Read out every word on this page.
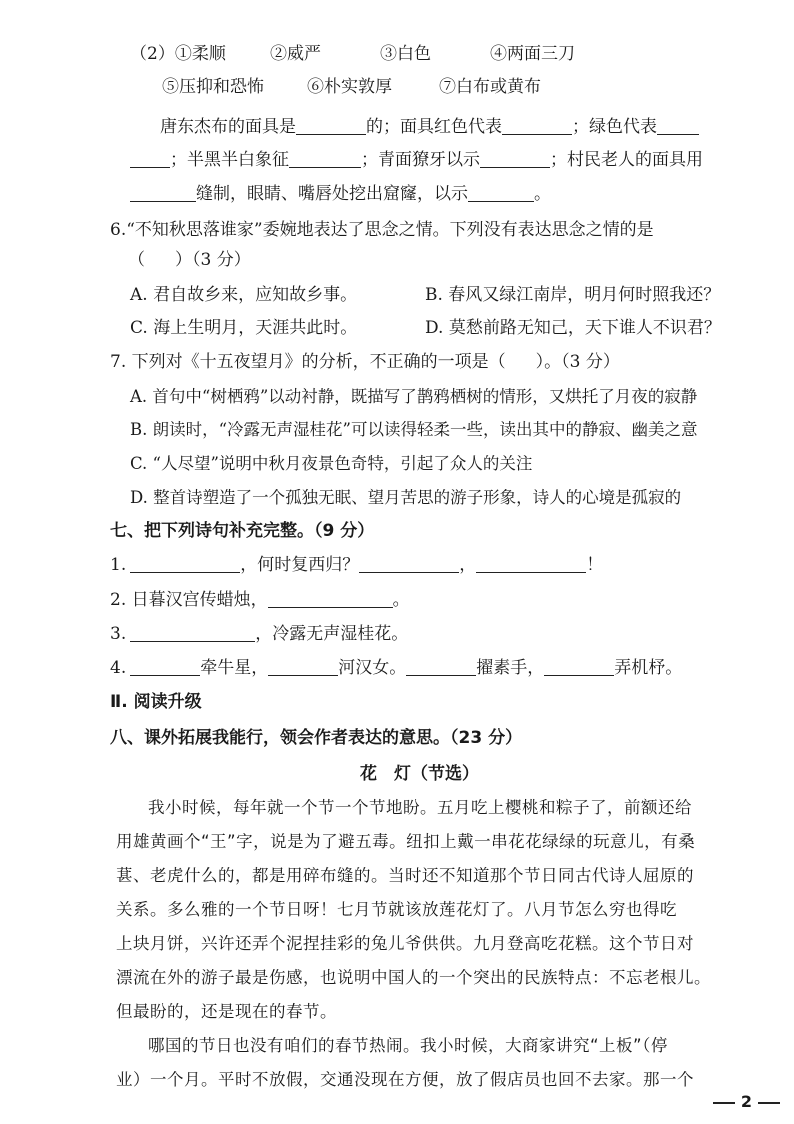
（2）①柔顺	②威严	③白色	④两面三刀
⑤压抑和恐怖	⑥朴实敦厚	⑦白布或黄布
唐东杰布的面具是	的；面具红色代表	；绿色代表
；半黑半白象征	；青面獠牙以示	；村民老人的面具用
缝制，眼睛、嘴唇处挖出窟窿，以示	。
6.“不知秋思落谁家”委婉地表达了思念之情。下列没有表达思念之情的是
（ ）（3 分）
A. 君自故乡来，应知故乡事。	B. 春风又绿江南岸，明月何时照我还？
C. 海上生明月，天涯共此时。	D. 莫愁前路无知己，天下谁人不识君？
7. 下列对《十五夜望月》的分析，不正确的一项是（ ）。（3 分）
A. 首句中“树栖鸦”以动衬静，既描写了鹊鸦栖树的情形，又烘托了月夜的寂静
B. 朗读时，“冷露无声湿桂花”可以读得轻柔一些，读出其中的静寂、幽美之意
C. “人尽望”说明中秋月夜景色奇特，引起了众人的关注
D. 整首诗塑造了一个孤独无眠、望月苦思的游子形象，诗人的心境是孤寂的
七、把下列诗句补充完整。（9 分）
1.	，何时复西归？	，	！
2. 日暮汉宫传蜡烛，	。
3.	，冷露无声湿桂花。
4.	牵牛星，	河汉女。	擢素手，	弄机杼。
Ⅱ. 阅读升级
八、课外拓展我能行，领会作者表达的意思。（23 分）
花　灯（节选）
我小时候，每年就一个节一个节地盼。五月吃上樱桃和粽子了，前额还给
用雄黄画个“王”字，说是为了避五毒。纽扣上戴一串花花绿绿的玩意儿，有桑
葚、老虎什么的，都是用碎布缝的。当时还不知道那个节日同古代诗人屈原的
关系。多么雅的一个节日呀！七月节就该放莲花灯了。八月节怎么穷也得吃
上块月饼，兴许还弄个泥捏挂彩的兔儿爷供供。九月登高吃花糕。这个节日对
漂流在外的游子最是伤感，也说明中国人的一个突出的民族特点：不忘老根儿。
但最盼的，还是现在的春节。
哪国的节日也没有咱们的春节热闹。我小时候，大商家讲究“上板”（停
业）一个月。平时不放假，交通没现在方便，放了假店员也回不去家。那一个
2
